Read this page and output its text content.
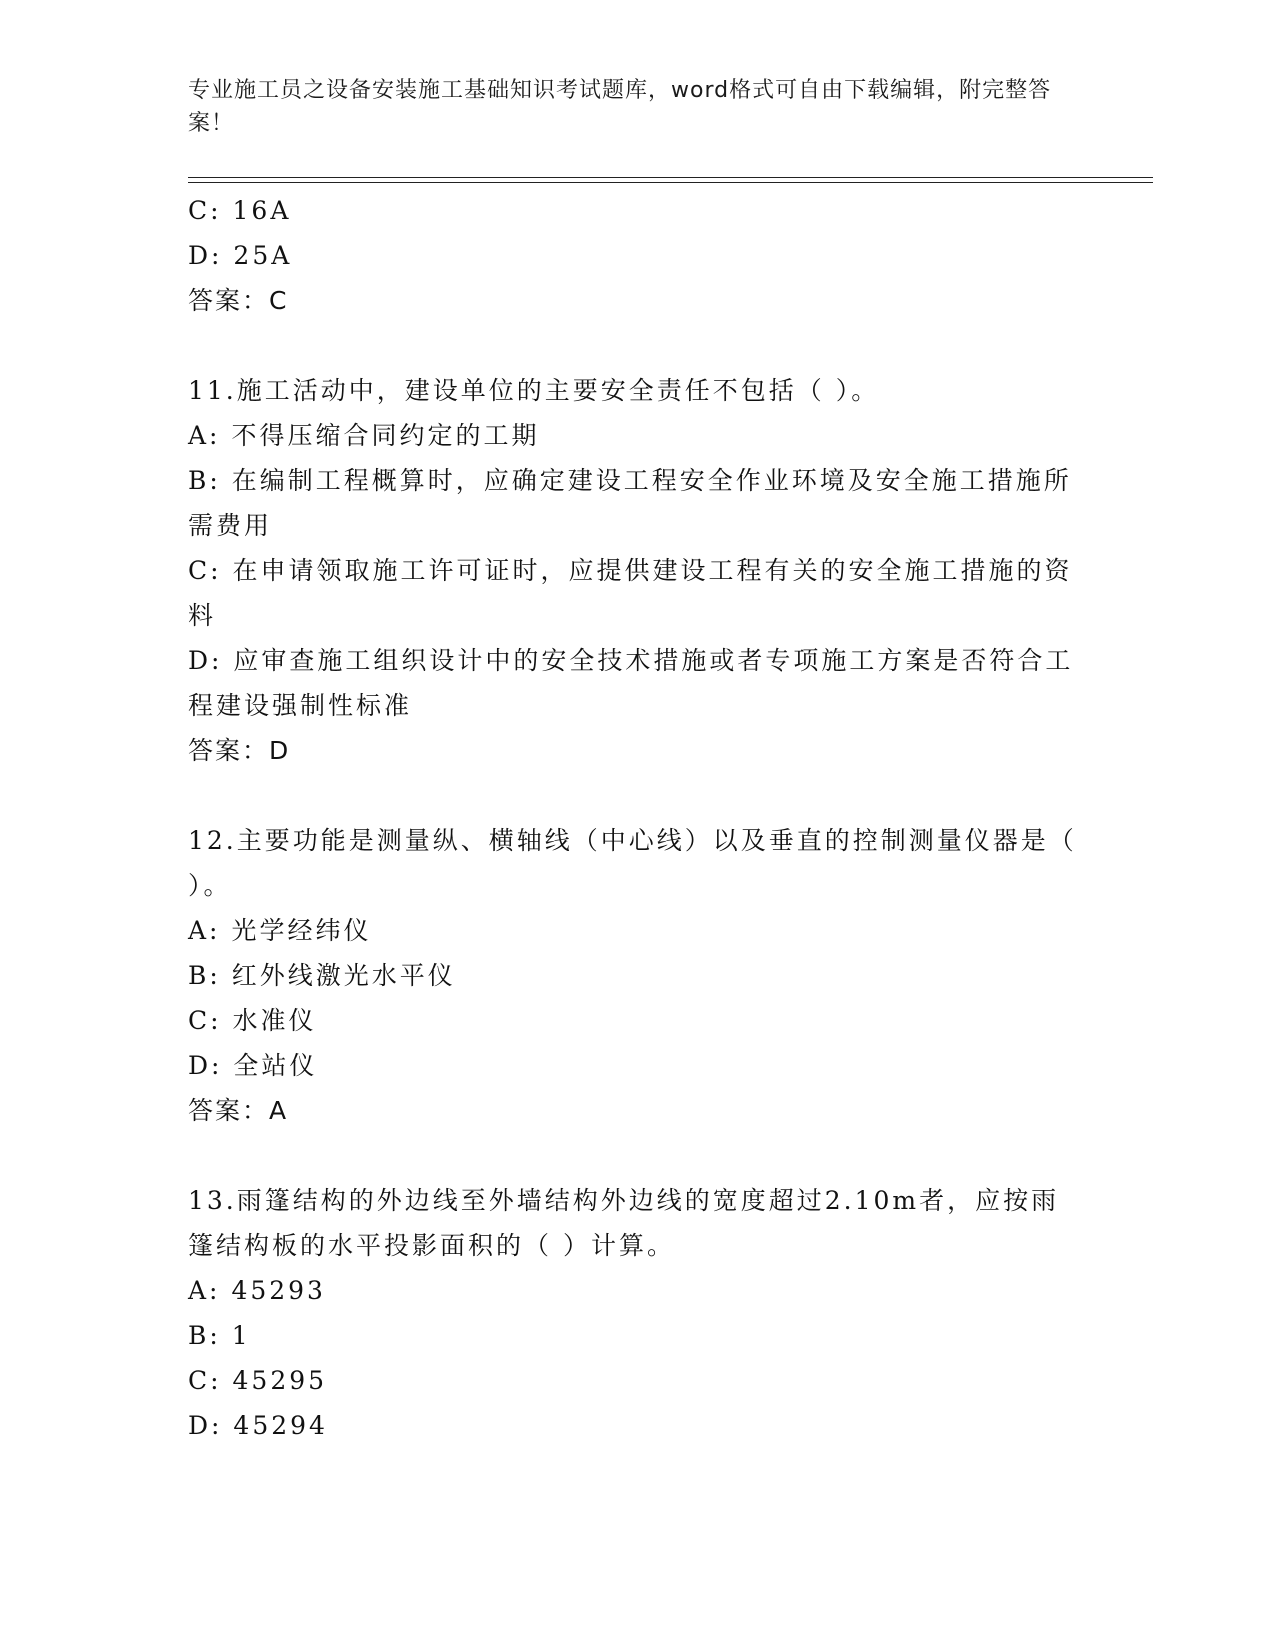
专业施工员之设备安装施工基础知识考试题库，word格式可自由下载编辑，附完整答案！
C: 16A
D: 25A
答案：C
11.施工活动中，建设单位的主要安全责任不包括（ ）。
A: 不得压缩合同约定的工期
B: 在编制工程概算时，应确定建设工程安全作业环境及安全施工措施所需费用
C: 在申请领取施工许可证时，应提供建设工程有关的安全施工措施的资料
D: 应审查施工组织设计中的安全技术措施或者专项施工方案是否符合工程建设强制性标准
答案：D
12.主要功能是测量纵、横轴线（中心线）以及垂直的控制测量仪器是（ ）。
A: 光学经纬仪
B: 红外线激光水平仪
C: 水准仪
D: 全站仪
答案：A
13.雨篷结构的外边线至外墙结构外边线的宽度超过2.10m者，应按雨篷结构板的水平投影面积的（ ）计算。
A: 45293
B: 1
C: 45295
D: 45294
